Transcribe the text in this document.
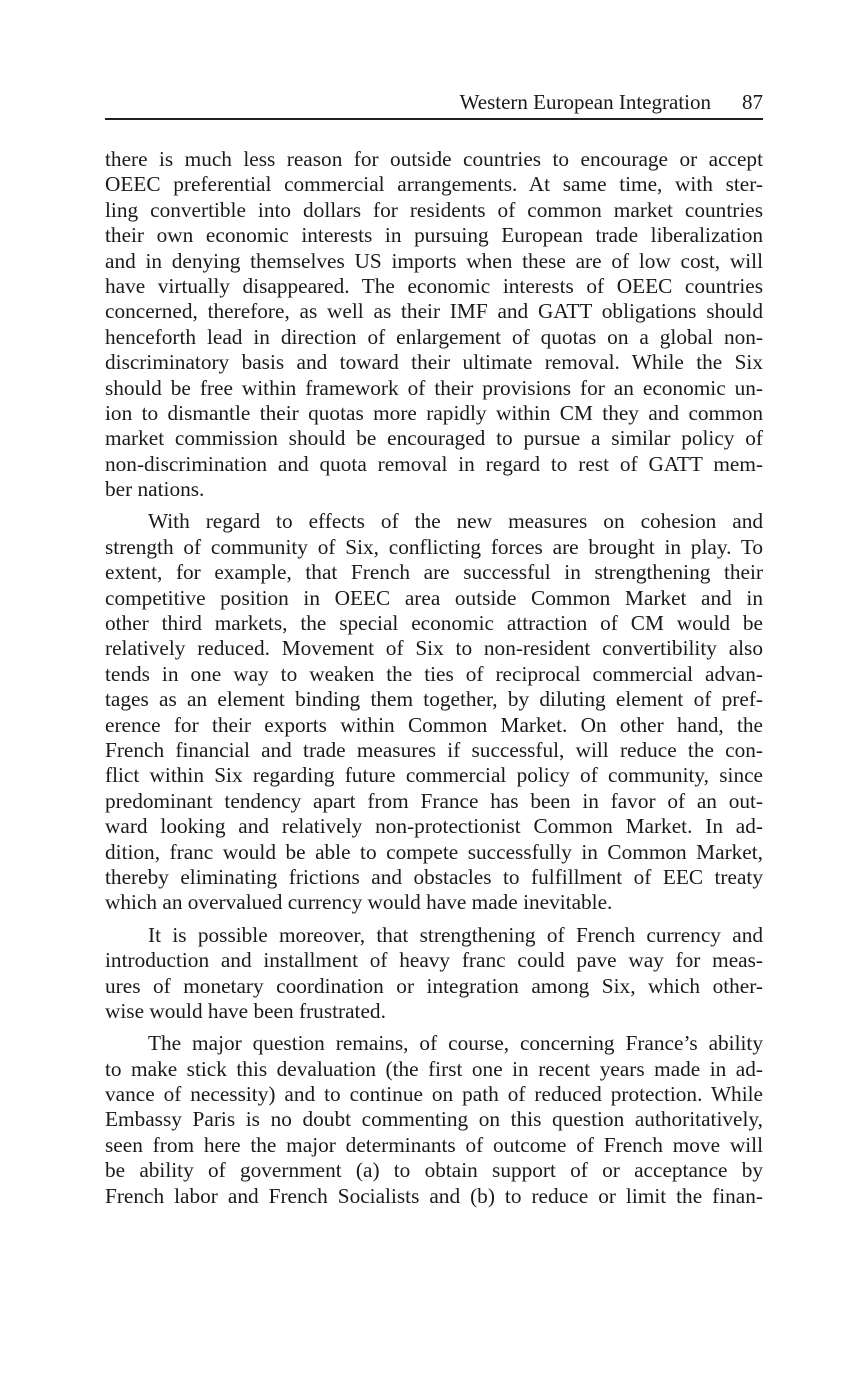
Western European Integration 87
there is much less reason for outside countries to encourage or accept
OEEC preferential commercial arrangements. At same time, with ster-
ling convertible into dollars for residents of common market countries
their own economic interests in pursuing European trade liberalization
and in denying themselves US imports when these are of low cost, will
have virtually disappeared. The economic interests of OEEC countries
concerned, therefore, as well as their IMF and GATT obligations should
henceforth lead in direction of enlargement of quotas on a global non-
discriminatory basis and toward their ultimate removal. While the Six
should be free within framework of their provisions for an economic un-
ion to dismantle their quotas more rapidly within CM they and common
market commission should be encouraged to pursue a similar policy of
non-discrimination and quota removal in regard to rest of GATT mem-
ber nations.
With regard to effects of the new measures on cohesion and
strength of community of Six, conflicting forces are brought in play. To
extent, for example, that French are successful in strengthening their
competitive position in OEEC area outside Common Market and in
other third markets, the special economic attraction of CM would be
relatively reduced. Movement of Six to non-resident convertibility also
tends in one way to weaken the ties of reciprocal commercial advan-
tages as an element binding them together, by diluting element of pref-
erence for their exports within Common Market. On other hand, the
French financial and trade measures if successful, will reduce the con-
flict within Six regarding future commercial policy of community, since
predominant tendency apart from France has been in favor of an out-
ward looking and relatively non-protectionist Common Market. In ad-
dition, franc would be able to compete successfully in Common Market,
thereby eliminating frictions and obstacles to fulfillment of EEC treaty
which an overvalued currency would have made inevitable.
It is possible moreover, that strengthening of French currency and
introduction and installment of heavy franc could pave way for meas-
ures of monetary coordination or integration among Six, which other-
wise would have been frustrated.
The major question remains, of course, concerning France’s ability
to make stick this devaluation (the first one in recent years made in ad-
vance of necessity) and to continue on path of reduced protection. While
Embassy Paris is no doubt commenting on this question authoritatively,
seen from here the major determinants of outcome of French move will
be ability of government (a) to obtain support of or acceptance by
French labor and French Socialists and (b) to reduce or limit the finan-
